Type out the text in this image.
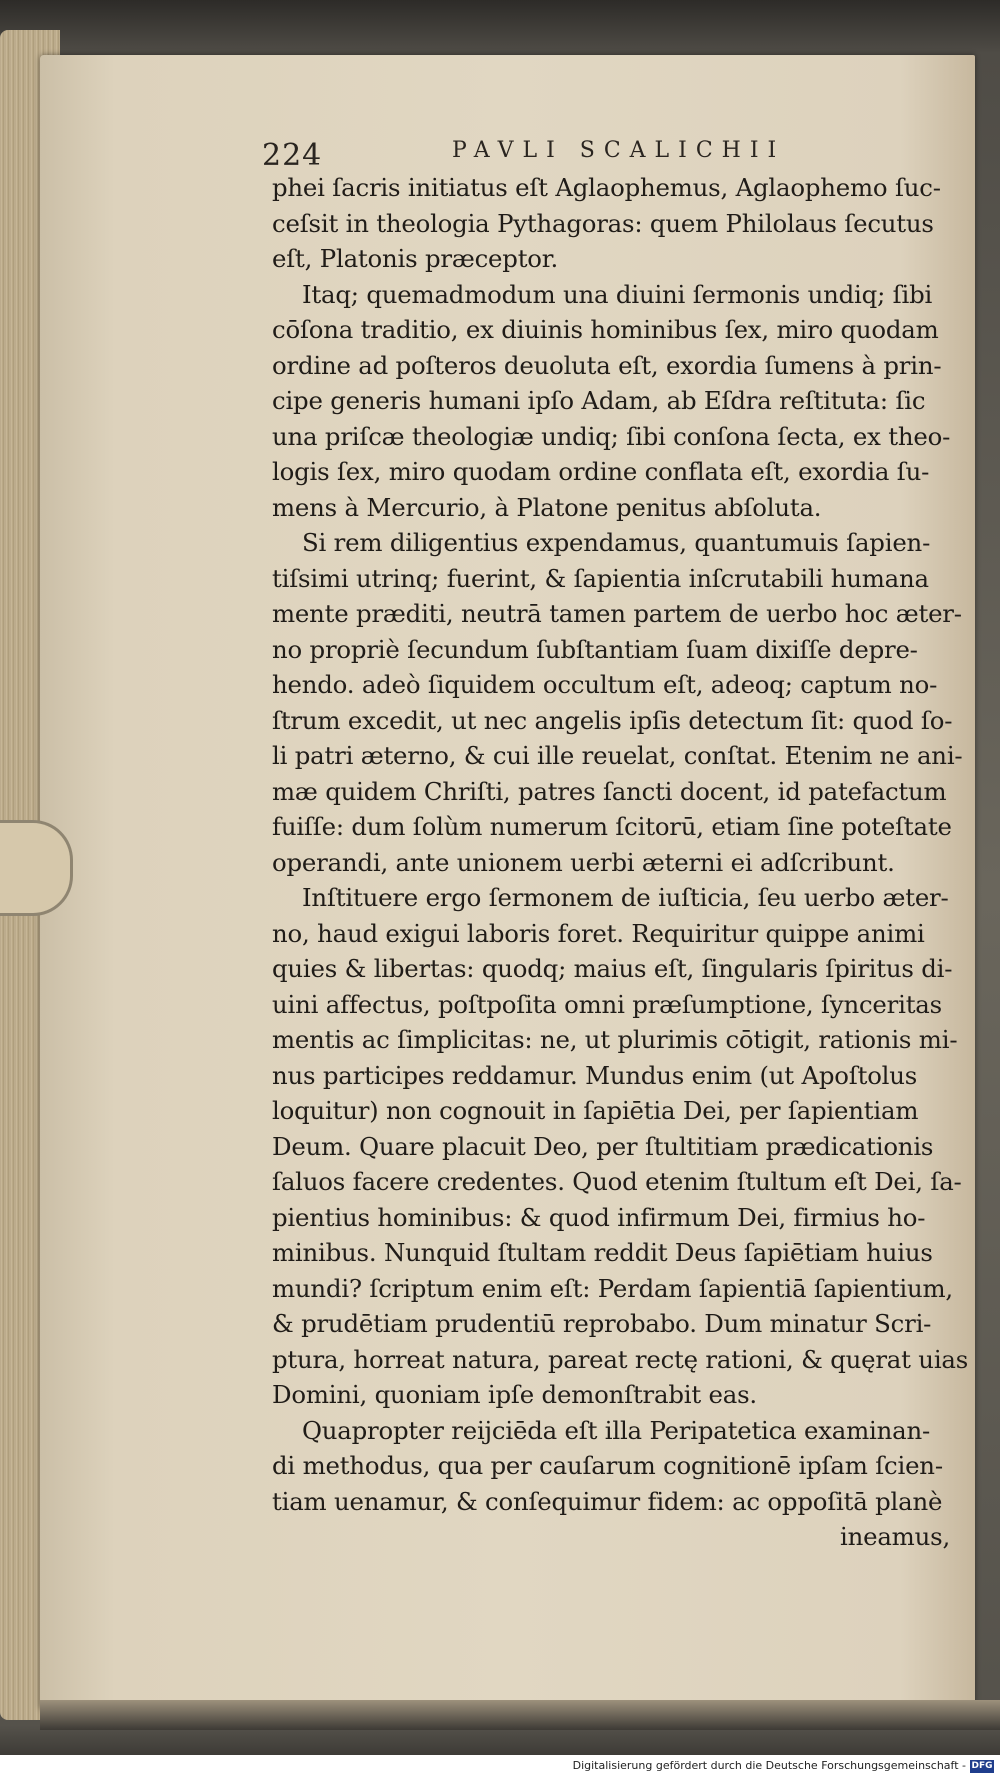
224	PAVLI SCALICHII
phei ſacris initiatus eſt Aglaophemus, Aglaophemo ſuc-
ceſsit in theologia Pythagoras: quem Philolaus ſecutus
eſt, Platonis præceptor.
Itaq; quemadmodum una diuini ſermonis undiq; ſibi
cōſona traditio, ex diuinis hominibus ſex, miro quodam
ordine ad poſteros deuoluta eſt, exordia ſumens à prin-
cipe generis humani ipſo Adam, ab Eſdra reſtituta: ſic
una priſcæ theologiæ undiq; ſibi conſona ſecta, ex theo-
logis ſex, miro quodam ordine conflata eſt, exordia ſu-
mens à Mercurio, à Platone penitus abſoluta.
Si rem diligentius expendamus, quantumuis ſapien-
tiſsimi utrinq; fuerint, & ſapientia inſcrutabili humana
mente præditi, neutrā tamen partem de uerbo hoc æter-
no propriè ſecundum ſubſtantiam ſuam dixiſſe depre-
hendo. adeò ſiquidem occultum eſt, adeoq; captum no-
ſtrum excedit, ut nec angelis ipſis detectum ſit: quod ſo-
li patri æterno, & cui ille reuelat, conſtat. Etenim ne ani-
mæ quidem Chriſti, patres ſancti docent, id patefactum
fuiſſe: dum ſolùm numerum ſcitorū, etiam ſine poteſtate
operandi, ante unionem uerbi æterni ei adſcribunt.
Inſtituere ergo ſermonem de iuſticia, ſeu uerbo æter-
no, haud exigui laboris foret. Requiritur quippe animi
quies & libertas: quodq; maius eſt, ſingularis ſpiritus di-
uini affectus, poſtpoſita omni præſumptione, ſynceritas
mentis ac ſimplicitas: ne, ut plurimis cōtigit, rationis mi-
nus participes reddamur. Mundus enim (ut Apoſtolus
loquitur) non cognouit in ſapiētia Dei, per ſapientiam
Deum. Quare placuit Deo, per ſtultitiam prædicationis
ſaluos facere credentes. Quod etenim ſtultum eſt Dei, ſa-
pientius hominibus: & quod infirmum Dei, firmius ho-
minibus. Nunquid ſtultam reddit Deus ſapiētiam huius
mundi? ſcriptum enim eſt: Perdam ſapientiā ſapientium,
& prudētiam prudentiū reprobabo. Dum minatur Scri-
ptura, horreat natura, pareat rectę rationi, & quęrat uias
Domini, quoniam ipſe demonſtrabit eas.
Quapropter reijciēda eſt illa Peripatetica examinan-
di methodus, qua per cauſarum cognitionē ipſam ſcien-
tiam uenamur, & conſequimur fidem: ac oppoſitā planè
ineamus,
Digitalisierung gefördert durch die Deutsche Forschungsgemeinschaft - DFG
